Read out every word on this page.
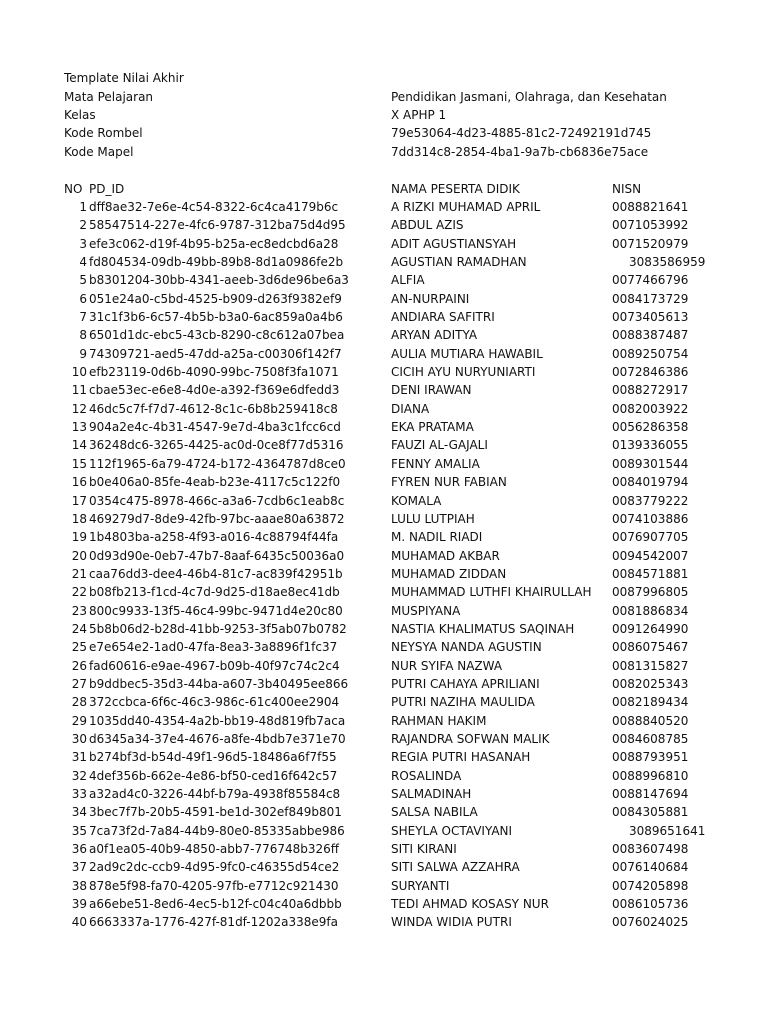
Template Nilai Akhir
Mata Pelajaran	Pendidikan Jasmani, Olahraga, dan Kesehatan
Kelas	X APHP 1
Kode Rombel	79e53064-4d23-4885-81c2-72492191d745
Kode Mapel	7dd314c8-2854-4ba1-9a7b-cb6836e75ace
NO PD_ID	NAMA PESERTA DIDIK	NISN
1 dff8ae32-7e6e-4c54-8322-6c4ca4179b6c	A RIZKI MUHAMAD APRIL	0088821641
2 58547514-227e-4fc6-9787-312ba75d4d95	ABDUL AZIS	0071053992
3 efe3c062-d19f-4b95-b25a-ec8edcbd6a28	ADIT AGUSTIANSYAH	0071520979
4 fd804534-09db-49bb-89b8-8d1a0986fe2b	AGUSTIAN RAMADHAN	3083586959
5 b8301204-30bb-4341-aeeb-3d6de96be6a3	ALFIA	0077466796
6 051e24a0-c5bd-4525-b909-d263f9382ef9	AN-NURPAINI	0084173729
7 31c1f3b6-6c57-4b5b-b3a0-6ac859a0a4b6	ANDIARA SAFITRI	0073405613
8 6501d1dc-ebc5-43cb-8290-c8c612a07bea	ARYAN ADITYA	0088387487
9 74309721-aed5-47dd-a25a-c00306f142f7	AULIA MUTIARA HAWABIL	0089250754
10 efb23119-0d6b-4090-99bc-7508f3fa1071	CICIH AYU NURYUNIARTI	0072846386
11 cbae53ec-e6e8-4d0e-a392-f369e6dfedd3	DENI IRAWAN	0088272917
12 46dc5c7f-f7d7-4612-8c1c-6b8b259418c8	DIANA	0082003922
13 904a2e4c-4b31-4547-9e7d-4ba3c1fcc6cd	EKA PRATAMA	0056286358
14 36248dc6-3265-4425-ac0d-0ce8f77d5316	FAUZI AL-GAJALI	0139336055
15 112f1965-6a79-4724-b172-4364787d8ce0	FENNY AMALIA	0089301544
16 b0e406a0-85fe-4eab-b23e-4117c5c122f0	FYREN NUR FABIAN	0084019794
17 0354c475-8978-466c-a3a6-7cdb6c1eab8c	KOMALA	0083779222
18 469279d7-8de9-42fb-97bc-aaae80a63872	LULU LUTPIAH	0074103886
19 1b4803ba-a258-4f93-a016-4c88794f44fa	M. NADIL RIADI	0076907705
20 0d93d90e-0eb7-47b7-8aaf-6435c50036a0	MUHAMAD AKBAR	0094542007
21 caa76dd3-dee4-46b4-81c7-ac839f42951b	MUHAMAD ZIDDAN	0084571881
22 b08fb213-f1cd-4c7d-9d25-d18ae8ec41db	MUHAMMAD LUTHFI KHAIRULLAH 0087996805
23 800c9933-13f5-46c4-99bc-9471d4e20c80	MUSPIYANA	0081886834
24 5b8b06d2-b28d-41bb-9253-3f5ab07b0782	NASTIA KHALIMATUS SAQINAH	0091264990
25 e7e654e2-1ad0-47fa-8ea3-3a8896f1fc37	NEYSYA NANDA AGUSTIN	0086075467
26 fad60616-e9ae-4967-b09b-40f97c74c2c4	NUR SYIFA NAZWA	0081315827
27 b9ddbec5-35d3-44ba-a607-3b40495ee866	PUTRI CAHAYA APRILIANI	0082025343
28 372ccbca-6f6c-46c3-986c-61c400ee2904	PUTRI NAZIHA MAULIDA	0082189434
29 1035dd40-4354-4a2b-bb19-48d819fb7aca	RAHMAN HAKIM	0088840520
30 d6345a34-37e4-4676-a8fe-4bdb7e371e70	RAJANDRA SOFWAN MALIK	0084608785
31 b274bf3d-b54d-49f1-96d5-18486a6f7f55	REGIA PUTRI HASANAH	0088793951
32 4def356b-662e-4e86-bf50-ced16f642c57	ROSALINDA	0088996810
33 a32ad4c0-3226-44bf-b79a-4938f85584c8	SALMADINAH	0088147694
34 3bec7f7b-20b5-4591-be1d-302ef849b801	SALSA NABILA	0084305881
35 7ca73f2d-7a84-44b9-80e0-85335abbe986	SHEYLA OCTAVIYANI	3089651641
36 a0f1ea05-40b9-4850-abb7-776748b326ff	SITI KIRANI	0083607498
37 2ad9c2dc-ccb9-4d95-9fc0-c46355d54ce2	SITI SALWA AZZAHRA	0076140684
38 878e5f98-fa70-4205-97fb-e7712c921430	SURYANTI	0074205898
39 a66ebe51-8ed6-4ec5-b12f-c04c40a6dbbb	TEDI AHMAD KOSASY NUR	0086105736
40 6663337a-1776-427f-81df-1202a338e9fa	WINDA WIDIA PUTRI	0076024025
